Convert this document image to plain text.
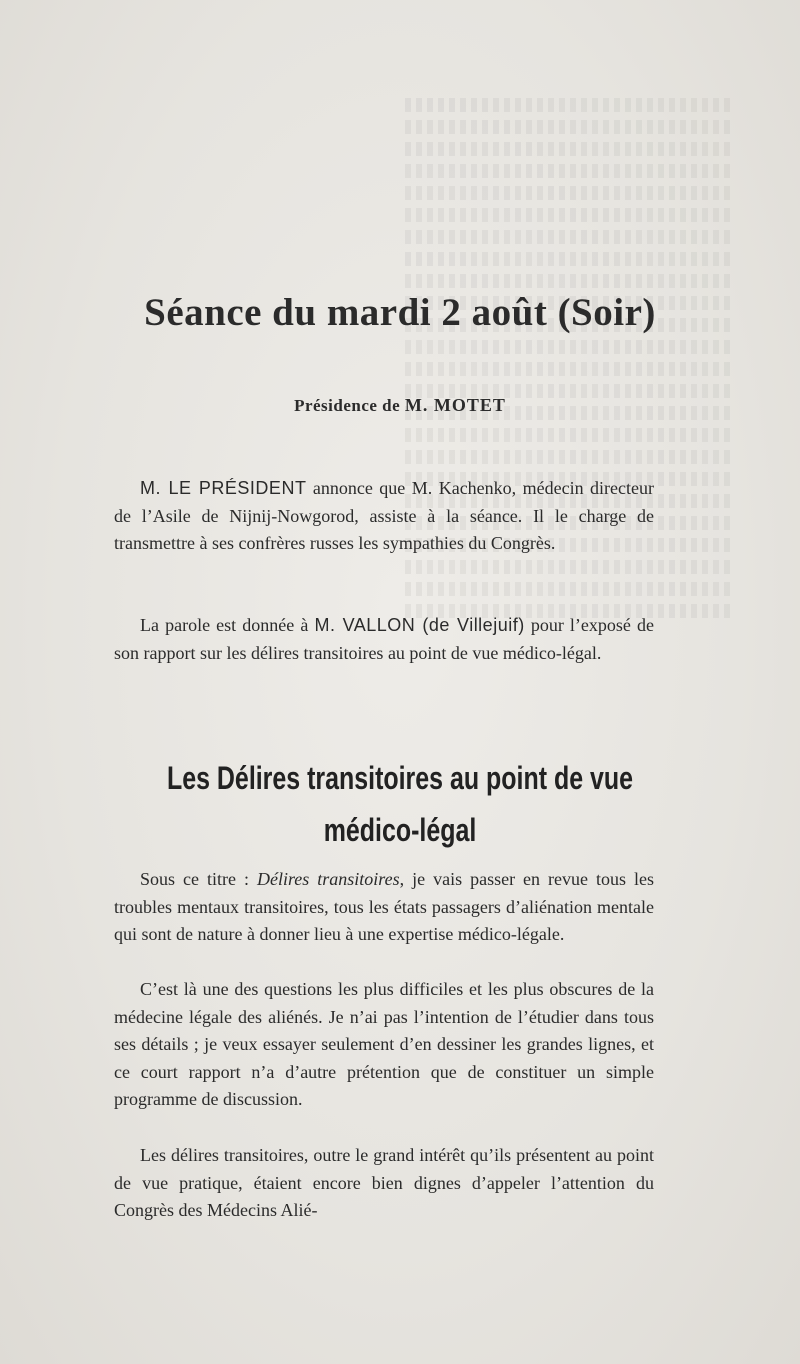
Séance du mardi 2 août (Soir)
Présidence de M. MOTET

M. LE PRÉSIDENT annonce que M. Kachenko, médecin directeur de l’Asile de Nijnij-Nowgorod, assiste à la séance. Il le charge de transmettre à ses confrères russes les sympathies du Congrès.

La parole est donnée à M. VALLON (de Villejuif) pour l’exposé de son rapport sur les délires transitoires au point de vue médico-légal.

Les Délires transitoires au point de vue
médico-légal

Sous ce titre : Délires transitoires, je vais passer en revue tous les troubles mentaux transitoires, tous les états passagers d’aliénation mentale qui sont de nature à donner lieu à une expertise médico-légale.

C’est là une des questions les plus difficiles et les plus obscures de la médecine légale des aliénés. Je n’ai pas l’intention de l’étudier dans tous ses détails ; je veux essayer seulement d’en dessiner les grandes lignes, et ce court rapport n’a d’autre prétention que de constituer un simple programme de discussion.

Les délires transitoires, outre le grand intérêt qu’ils présentent au point de vue pratique, étaient encore bien dignes d’appeler l’attention du Congrès des Médecins Alié-
